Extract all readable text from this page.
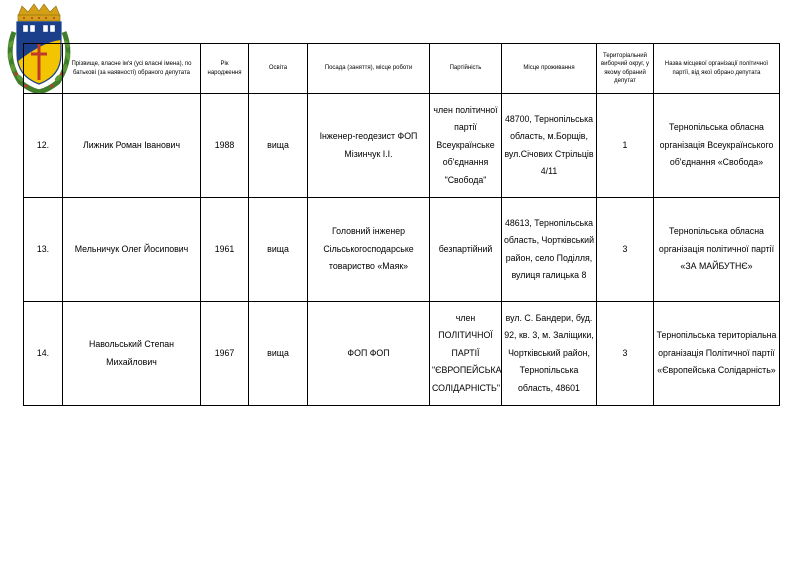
	Прізвище, власне ім'я (усі власні імена), по батькові (за наявності) обраного депутата	Рік народження	Освіта	Посада (заняття), місце роботи	Партійність	Місце проживання	Територіальний виборчий округ, у якому обраний депутат	Назва місцевої організації політичної партії, від якої обрано депутата
12.	Лижник Роман Іванович	1988	вища	Інженер-геодезист ФОП Мізинчук І.І.	член політичної партії Всеукраїнське об'єднання "Свобода"	48700, Тернопільська область, м.Борщів, вул.Січових Стрільців 4/11	1	Тернопільська обласна організація Всеукраїнського об'єднання «Свобода»
13.	Мельничук Олег Йосипович	1961	вища	Головний інженер Сільськогосподарське товариство «Маяк»	безпартійний	48613, Тернопільська область, Чортківський район, село Поділля, вулиця галицька 8	3	Тернопільська обласна організація політичної партії «ЗА МАЙБУТНЄ»
14.	Навольський Степан Михайлович	1967	вища	ФОП ФОП	член ПОЛІТИЧНОЇ ПАРТІЇ "ЄВРОПЕЙСЬКА СОЛІДАРНІСТЬ"	вул. С. Бандери, буд. 92, кв. 3, м. Заліщики, Чортківський район, Тернопільська область, 48601	3	Тернопільська територіальна організація Політичної партії «Європейська Солідарність»
